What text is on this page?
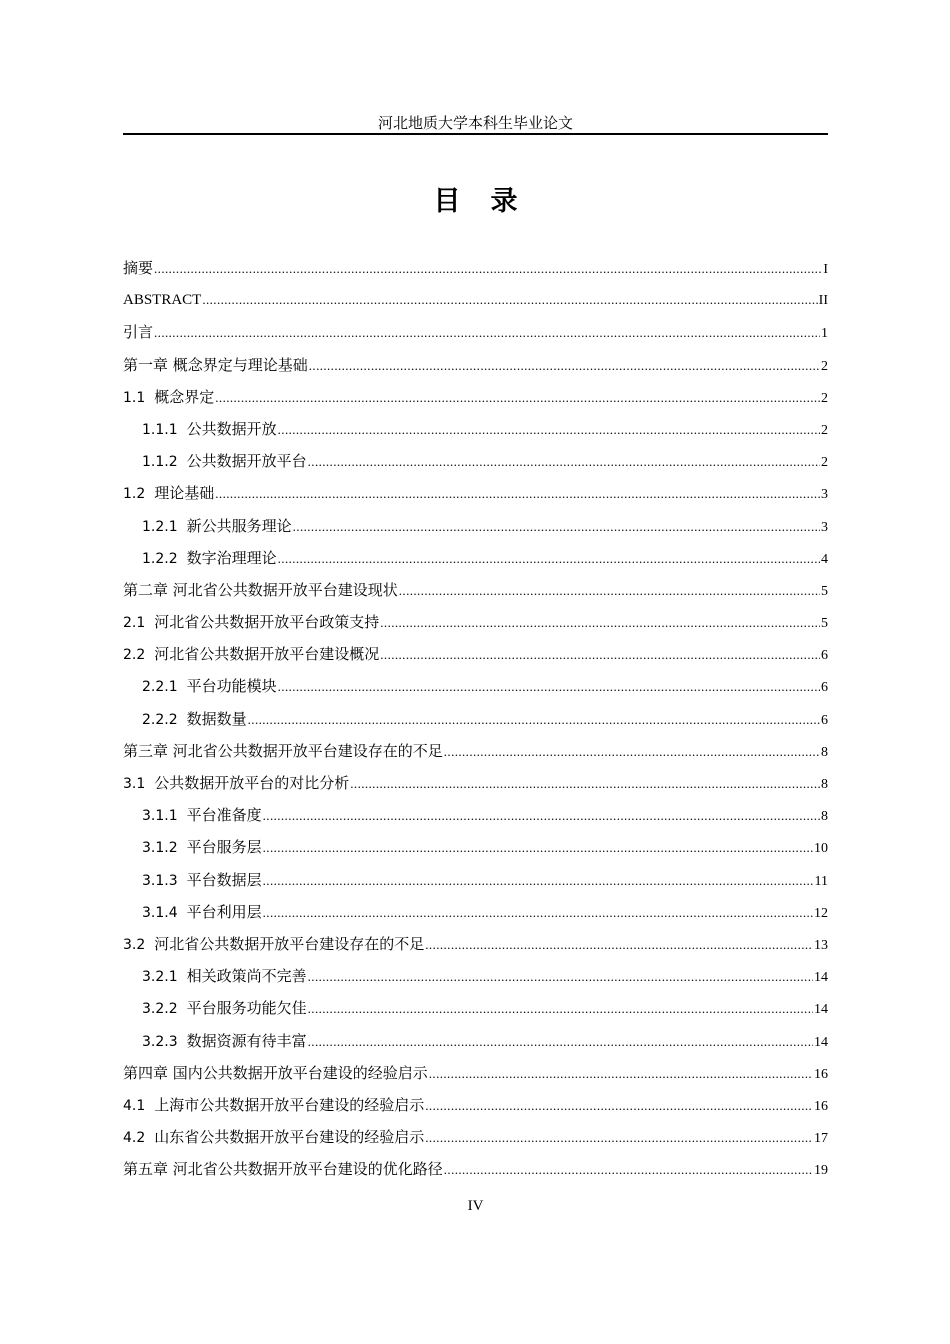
河北地质大学本科生毕业论文
目录
摘要 .....	I
ABSTRACT .....	II
引言 .....	1
第一章 概念界定与理论基础 .....	2
1.1 概念界定 .....	2
1.1.1 公共数据开放 .....	2
1.1.2 公共数据开放平台 .....	2
1.2 理论基础 .....	3
1.2.1 新公共服务理论 .....	3
1.2.2 数字治理理论 .....	4
第二章 河北省公共数据开放平台建设现状 .....	5
2.1 河北省公共数据开放平台政策支持 .....	5
2.2 河北省公共数据开放平台建设概况 .....	6
2.2.1 平台功能模块 .....	6
2.2.2 数据数量 .....	6
第三章 河北省公共数据开放平台建设存在的不足 .....	8
3.1 公共数据开放平台的对比分析 .....	8
3.1.1 平台准备度 .....	8
3.1.2 平台服务层 .....	10
3.1.3 平台数据层 .....	11
3.1.4 平台利用层 .....	12
3.2 河北省公共数据开放平台建设存在的不足 .....	13
3.2.1 相关政策尚不完善 .....	14
3.2.2 平台服务功能欠佳 .....	14
3.2.3 数据资源有待丰富 .....	14
第四章 国内公共数据开放平台建设的经验启示 .....	16
4.1 上海市公共数据开放平台建设的经验启示 .....	16
4.2 山东省公共数据开放平台建设的经验启示 .....	17
第五章 河北省公共数据开放平台建设的优化路径 .....	19
IV
